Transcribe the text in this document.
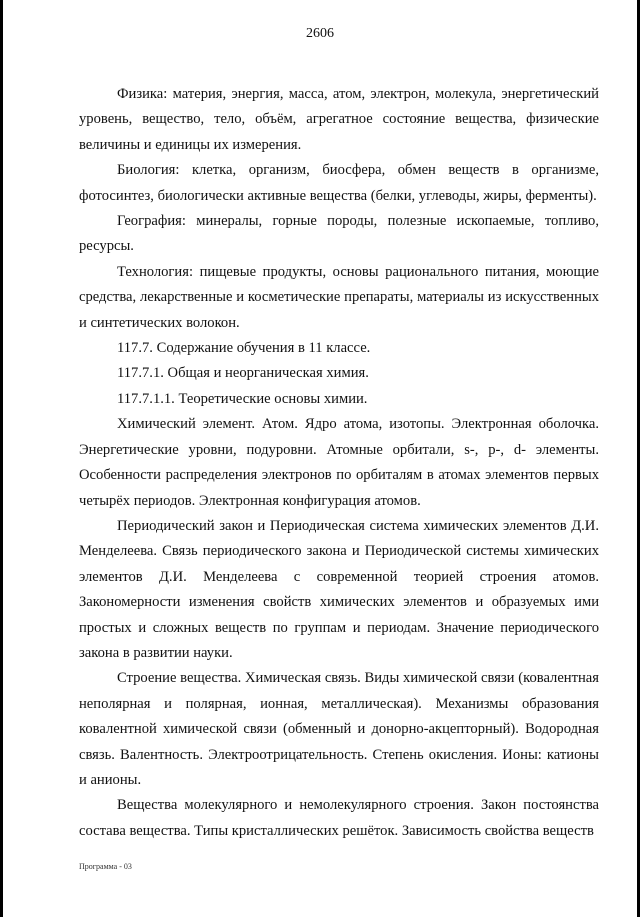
2606

Физика: материя, энергия, масса, атом, электрон, молекула, энергетический уровень, вещество, тело, объём, агрегатное состояние вещества, физические величины и единицы их измерения.

Биология: клетка, организм, биосфера, обмен веществ в организме, фотосинтез, биологически активные вещества (белки, углеводы, жиры, ферменты).

География: минералы, горные породы, полезные ископаемые, топливо, ресурсы.

Технология: пищевые продукты, основы рационального питания, моющие средства, лекарственные и косметические препараты, материалы из искусственных и синтетических волокон.

117.7. Содержание обучения в 11 классе.

117.7.1. Общая и неорганическая химия.

117.7.1.1. Теоретические основы химии.

Химический элемент. Атом. Ядро атома, изотопы. Электронная оболочка. Энергетические уровни, подуровни. Атомные орбитали, s-, p-, d- элементы. Особенности распределения электронов по орбиталям в атомах элементов первых четырёх периодов. Электронная конфигурация атомов.

Периодический закон и Периодическая система химических элементов Д.И. Менделеева. Связь периодического закона и Периодической системы химических элементов Д.И. Менделеева с современной теорией строения атомов. Закономерности изменения свойств химических элементов и образуемых ими простых и сложных веществ по группам и периодам. Значение периодического закона в развитии науки.

Строение вещества. Химическая связь. Виды химической связи (ковалентная неполярная и полярная, ионная, металлическая). Механизмы образования ковалентной химической связи (обменный и донорно-акцепторный). Водородная связь. Валентность. Электроотрицательность. Степень окисления. Ионы: катионы и анионы.

Вещества молекулярного и немолекулярного строения. Закон постоянства состава вещества. Типы кристаллических решёток. Зависимость свойства веществ

Программа - 03
